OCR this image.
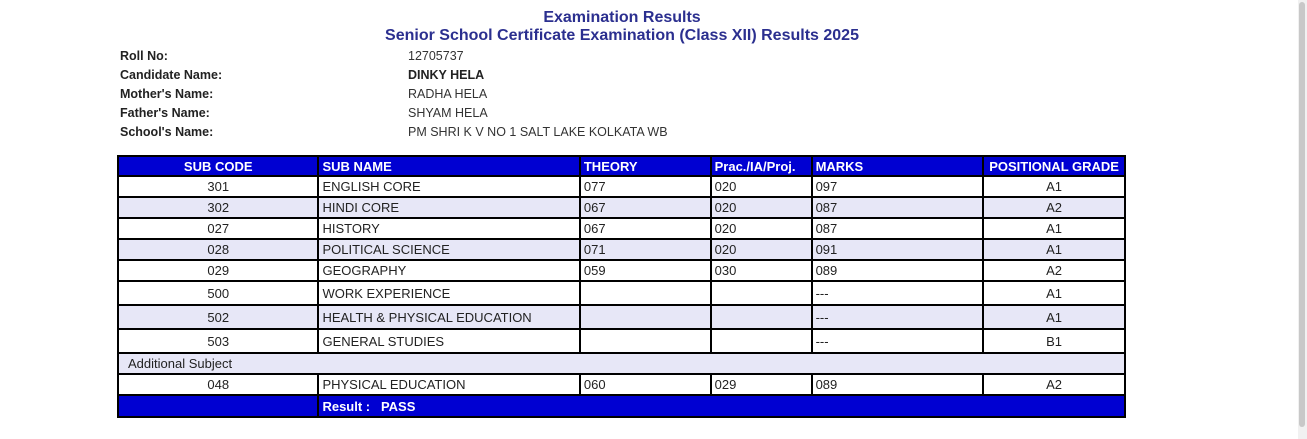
Examination Results
Senior School Certificate Examination (Class XII) Results 2025
Roll No:	12705737
Candidate Name:	DINKY HELA
Mother's Name:	RADHA HELA
Father's Name:	SHYAM HELA
School's Name:	PM SHRI K V NO 1 SALT LAKE KOLKATA WB
SUB CODE	SUB NAME	THEORY	Prac./IA/Proj.	MARKS	POSITIONAL GRADE
301	ENGLISH CORE	077	020	097	A1
302	HINDI CORE	067	020	087	A2
027	HISTORY	067	020	087	A1
028	POLITICAL SCIENCE	071	020	091	A1
029	GEOGRAPHY	059	030	089	A2
500	WORK EXPERIENCE			---	A1
502	HEALTH & PHYSICAL EDUCATION			---	A1
503	GENERAL STUDIES			---	B1
Additional Subject					
048	PHYSICAL EDUCATION	060	029	089	A2
	Result :   PASS				
